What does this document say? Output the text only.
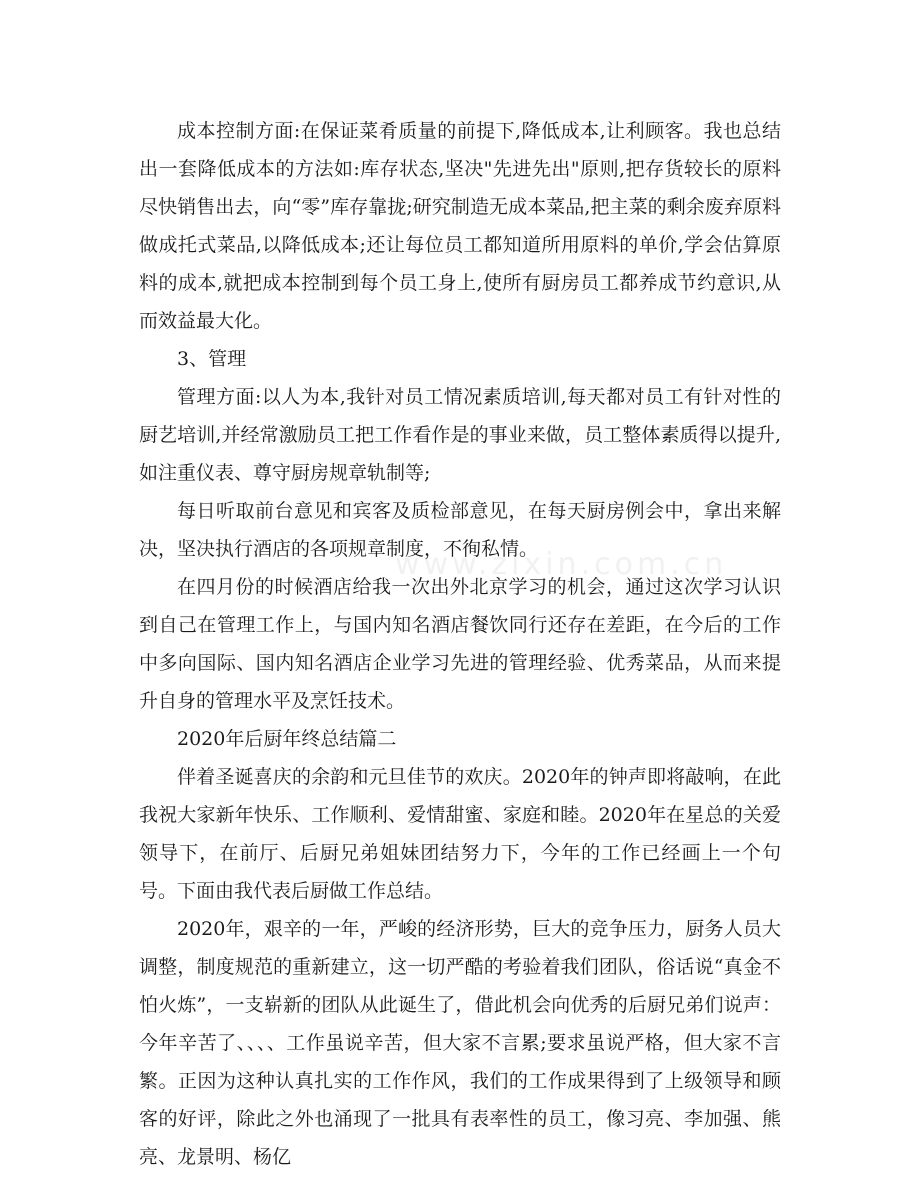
成本控制方面:在保证菜肴质量的前提下,降低成本,让利顾客。我也总结出一套降低成本的方法如:库存状态,坚决"先进先出"原则,把存货较长的原料尽快销售出去，向“零”库存靠拢;研究制造无成本菜品,把主菜的剩余废弃原料做成托式菜品,以降低成本;还让每位员工都知道所用原料的单价,学会估算原料的成本,就把成本控制到每个员工身上,使所有厨房员工都养成节约意识,从而效益最大化。

3、管理

管理方面:以人为本,我针对员工情况素质培训,每天都对员工有针对性的厨艺培训,并经常激励员工把工作看作是的事业来做，员工整体素质得以提升,如注重仪表、尊守厨房规章轨制等;

每日听取前台意见和宾客及质检部意见，在每天厨房例会中，拿出来解决，坚决执行酒店的各项规章制度，不徇私情。

在四月份的时候酒店给我一次出外北京学习的机会，通过这次学习认识到自己在管理工作上，与国内知名酒店餐饮同行还存在差距，在今后的工作中多向国际、国内知名酒店企业学习先进的管理经验、优秀菜品，从而来提升自身的管理水平及烹饪技术。

2020年后厨年终总结篇二

伴着圣诞喜庆的余韵和元旦佳节的欢庆。2020年的钟声即将敲响，在此我祝大家新年快乐、工作顺利、爱情甜蜜、家庭和睦。2020年在星总的关爱领导下，在前厅、后厨兄弟姐妹团结努力下，今年的工作已经画上一个句号。下面由我代表后厨做工作总结。

2020年，艰辛的一年，严峻的经济形势，巨大的竞争压力，厨务人员大调整，制度规范的重新建立，这一切严酷的考验着我们团队，俗话说“真金不怕火炼”，一支崭新的团队从此诞生了，借此机会向优秀的后厨兄弟们说声：今年辛苦了、、、、工作虽说辛苦，但大家不言累;要求虽说严格，但大家不言繁。正因为这种认真扎实的工作作风，我们的工作成果得到了上级领导和顾客的好评，除此之外也涌现了一批具有表率性的员工，像习亮、李加强、熊亮、龙景明、杨亿

www.zixin.com.cn
